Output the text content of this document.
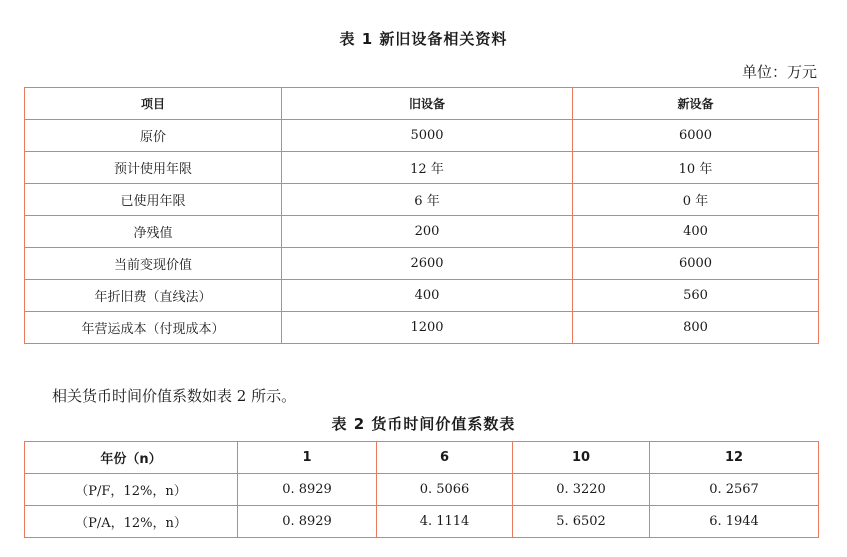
表 1 新旧设备相关资料
单位：万元
项目	旧设备	新设备
原价	5000	6000
预计使用年限	12 年	10 年
已使用年限	6 年	0 年
净残值	200	400
当前变现价值	2600	6000
年折旧费（直线法）	400	560
年营运成本（付现成本）	1200	800
相关货币时间价值系数如表 2 所示。
表 2 货币时间价值系数表
年份（n）	1	6	10	12
（P/F，12%，n）	0. 8929	0. 5066	0. 3220	0. 2567
（P/A，12%，n）	0. 8929	4. 1114	5. 6502	6. 1944
